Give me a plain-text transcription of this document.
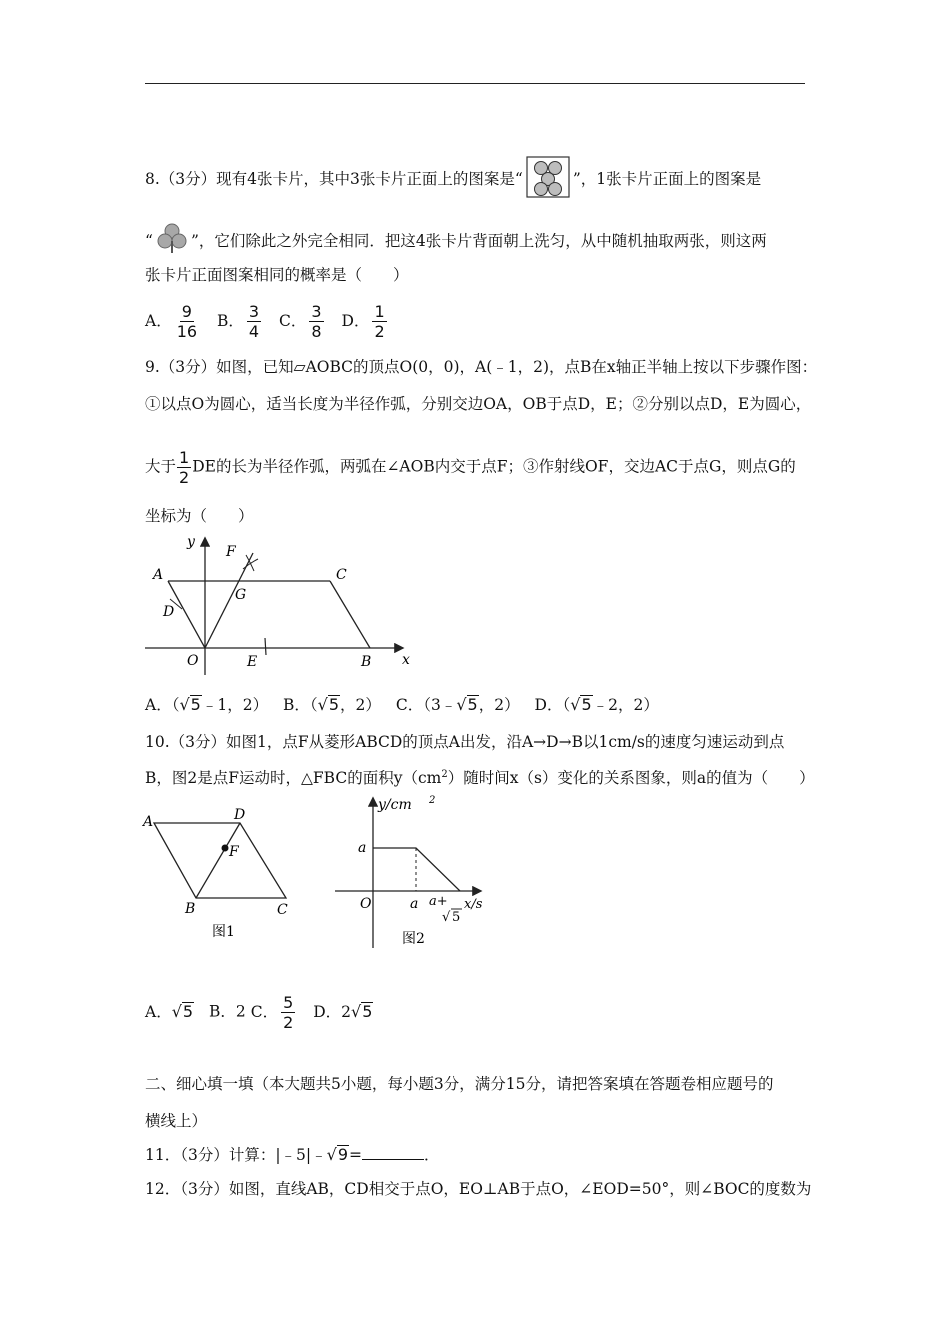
8.（3分）现有4张卡片，其中3张卡片正面上的图案是“	”，1张卡片正面上的图案是
“ ”，它们除此之外完全相同．把这4张卡片背面朝上洗匀，从中随机抽取两张，则这两
张卡片正面图案相同的概率是（　　）
A． $\frac{9}{16}$ B． $\frac{3}{4}$ C． $\frac{3}{8}$ D． $\frac{1}{2}$
9.（3分）如图，已知▱AOBC的顶点O(0，0)，A(﹣1，2)，点B在x轴正半轴上按以下步骤作图：
①以点O为圆心，适当长度为半径作弧，分别交边OA，OB于点D，E；②分别以点D，E为圆心，
大于 $\frac{1}{2}$ DE的长为半径作弧，两弧在∠AOB内交于点F；③作射线OF，交边AC于点G，则点G的
坐标为（　　）
y
x
A	C
D
G
F
O	E	B
A．（√5﹣1，2） B．（√5，2） C．（3﹣√5，2） D．（√5﹣2，2）
10.（3分）如图1，点F从菱形ABCD的顶点A出发，沿A→D→B以1cm/s的速度匀速运动到点
B，图2是点F运动时，△FBC的面积$y(cm^2)$随时间x（s）变化的关系图象，则a的值为（　　）
A	D
F
B	C
图1
y/cm 2
a
O	a a+
√ 5
x/s
图2
A．√5 B．2 C． $\frac{5}{2}$ D．2√5
二、细心填一填（本大题共5小题，每小题3分，满分15分，请把答案填在答题卷相应题号的
横线上）
11．（3分）计算：|﹣5|﹣√9=	．
12．（3分）如图，直线AB，CD相交于点O，EO⊥AB于点O，∠EOD=50°，则∠BOC的度数为
